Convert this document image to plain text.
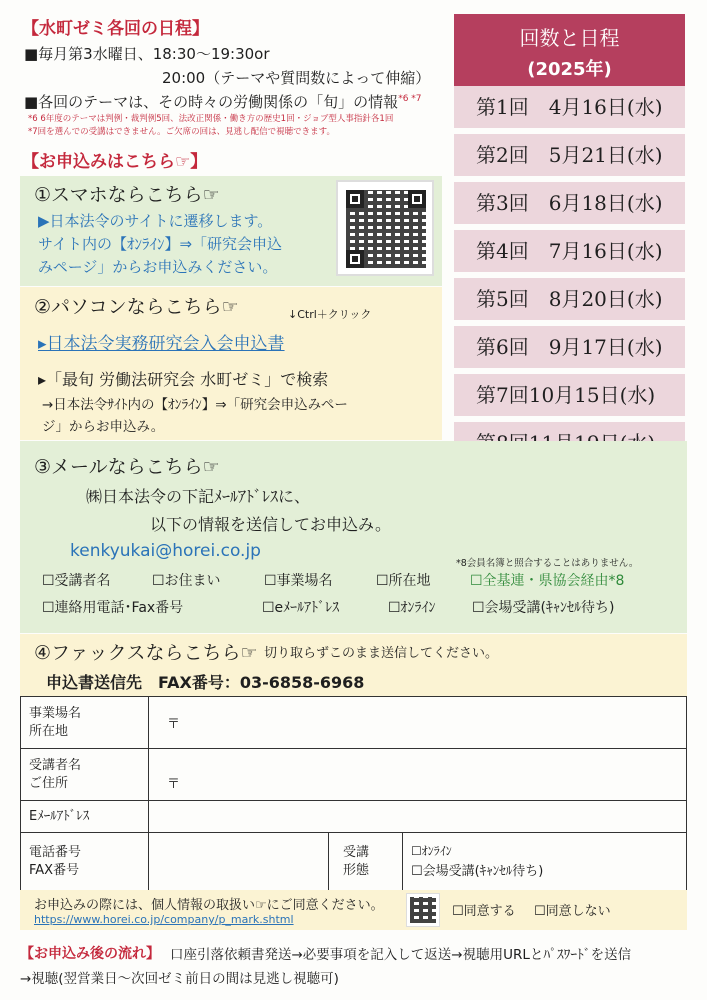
【水町ゼミ各回の日程】
■毎月第3水曜日、18:30～19:30or
20:00（テーマや質問数によって伸縮）
■各回のテーマは、その時々の労働関係の「旬」の情報$^{*6 *7}$
*6 6年度のテーマは判例・裁判例5回、法改正関係・働き方の歴史1回・ジョブ型人事指針各1回
*7回を選んでの受講はできません。ご欠席の回は、見逃し配信で視聴できます。
【お申込みはこちら☞】
回数と日程
(2025年)
第1回　4月16日(水)
第2回　5月21日(水)
第3回　6月18日(水)
第4回　7月16日(水)
第5回　8月20日(水)
第6回　9月17日(水)
第7回10月15日(水)
①スマホならこちら☞
▶日本法令のサイトに遷移します。
サイト内の【ｵﾝﾗｲﾝ】⇒「研究会申込
みページ」からお申込みください。
②パソコンならこちら☞	↓Ctrl＋クリック
▸日本法令実務研究会入会申込書
▸「最旬 労働法研究会 水町ゼミ」で検索
→日本法令ｻｲﾄ内の【ｵﾝﾗｲﾝ】⇒「研究会申込みペー
ジ」からお申込み。
③メールならこちら☞
㈱日本法令の下記ﾒｰﾙｱﾄﾞﾚｽに、
以下の情報を送信してお申込み。
kenkyukai@horei.co.jp
*8会員名簿と照合することはありません。
☐受講者名	☐お住まい	☐事業場名	☐所在地	☐全基連・県協会経由*8
☐連絡用電話･Fax番号	☐eﾒｰﾙｱﾄﾞﾚｽ	☐ｵﾝﾗｲﾝ	☐会場受講(ｷｬﾝｾﾙ待ち)
④ファックスならこちら☞ 切り取らずこのまま送信してください。
申込書送信先　FAX番号：03-6858-6968
事業場名
所在地	〒		
受講者名
ご住所	〒		
Eﾒｰﾙｱﾄﾞﾚｽ			
電話番号
FAX番号		受講
形態	☐ｵﾝﾗｲﾝ
☐会場受講(ｷｬﾝｾﾙ待ち)
お申込みの際には、個人情報の取扱い☞にご同意ください。
https://www.horei.co.jp/company/p_mark.shtml
☐同意する ☐同意しない
【お申込み後の流れ】 口座引落依頼書発送→必要事項を記入して返送→視聴用URLとﾊﾟｽﾜｰﾄﾞを送信
→視聴(翌営業日～次回ゼミ前日の間は見逃し視聴可)
